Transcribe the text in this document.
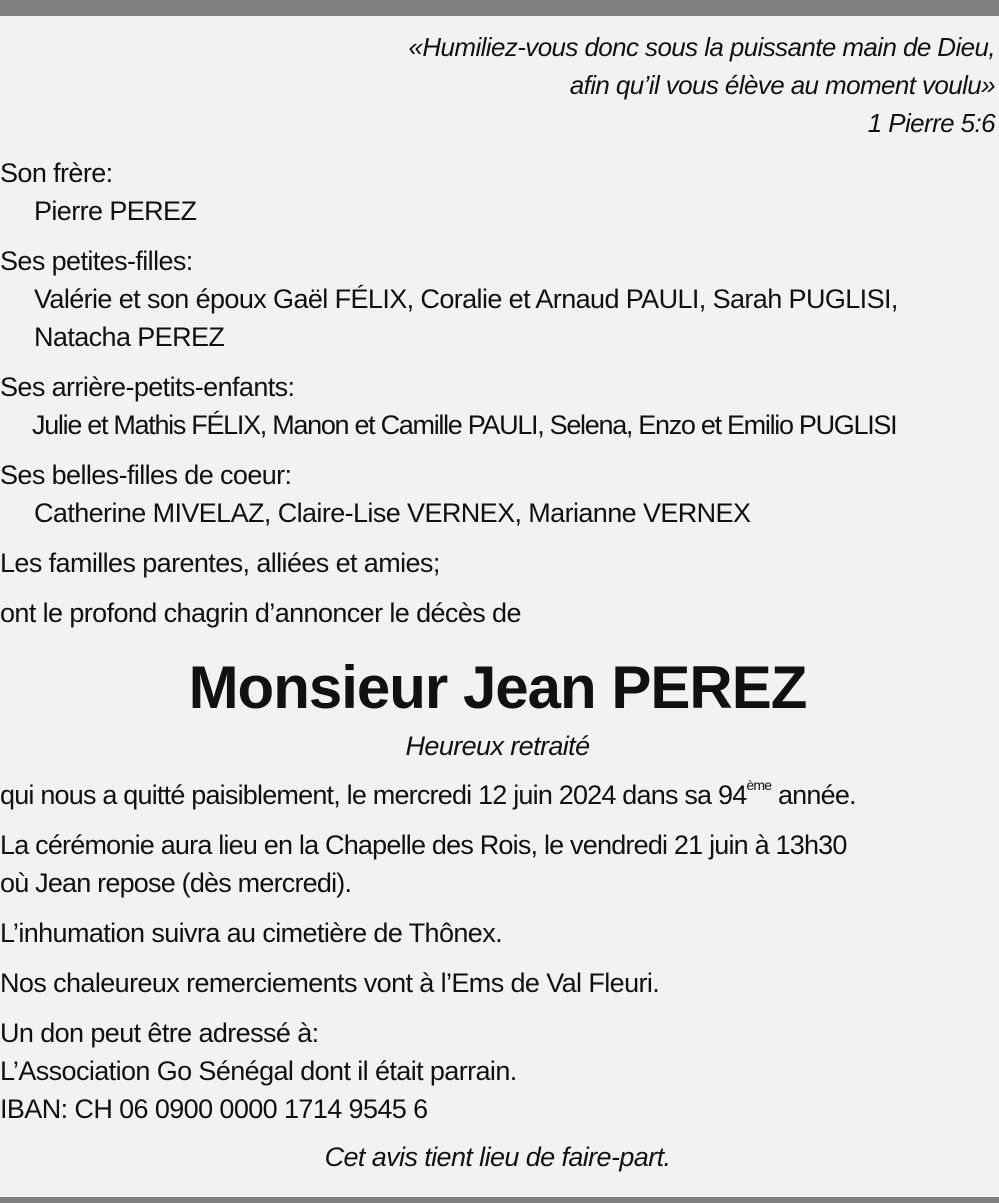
«Humiliez-vous donc sous la puissante main de Dieu,

afin qu’il vous élève au moment voulu»

1 Pierre 5:6

Son frère:

Pierre PEREZ

Ses petites-filles:

Valérie et son époux Gaël FÉLIX, Coralie et Arnaud PAULI, Sarah PUGLISI,

Natacha PEREZ

Ses arrière-petits-enfants:

Julie et Mathis FÉLIX, Manon et Camille PAULI, Selena, Enzo et Emilio PUGLISI

Ses belles-filles de coeur:

Catherine MIVELAZ, Claire-Lise VERNEX, Marianne VERNEX

Les familles parentes, alliées et amies;

ont le profond chagrin d’annoncer le décès de

Monsieur Jean PEREZ

Heureux retraité

qui nous a quitté paisiblement, le mercredi 12 juin 2024 dans sa 94ème année.

La cérémonie aura lieu en la Chapelle des Rois, le vendredi 21 juin à 13h30
où Jean repose (dès mercredi).

L’inhumation suivra au cimetière de Thônex.

Nos chaleureux remerciements vont à l’Ems de Val Fleuri.

Un don peut être adressé à:

L’Association Go Sénégal dont il était parrain.

IBAN: CH 06 0900 0000 1714 9545 6

Cet avis tient lieu de faire-part.
